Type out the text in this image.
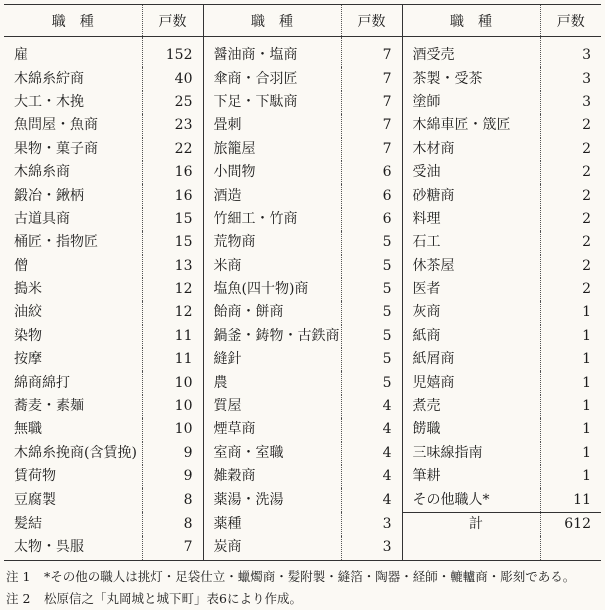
職　種	戸数	職　種	戸数	職　種	戸数
雇	152	醤油商・塩商	7	酒受売	3
木綿糸紵商	40	傘商・合羽匠	7	茶製・受茶	3
大工・木挽	25	下足・下駄商	7	塗師	3
魚問屋・魚商	23	畳刺	7	木綿車匠・筬匠	2
果物・菓子商	22	旅籠屋	7	木材商	2
木綿糸商	16	小間物	6	受油	2
鍛冶・鍬柄	16	酒造	6	砂糖商	2
古道具商	15	竹細工・竹商	6	料理	2
桶匠・指物匠	15	荒物商	5	石工	2
僧	13	米商	5	休茶屋	2
搗米	12	塩魚(四十物)商	5	医者	2
油絞	12	飴商・餅商	5	灰商	1
染物	11	鍋釜・鋳物・古鉄商	5	紙商	1
按摩	11	縫針	5	紙屑商	1
綿商綿打	10	農	5	児嬉商	1
蕎麦・素麺	10	質屋	4	煮売	1
無職	10	煙草商	4	餝職	1
木綿糸挽商(含賃挽)	9	室商・室職	4	三味線指南	1
賃荷物	9	雑穀商	4	筆耕	1
豆腐製	8	薬湯・洗湯	4	その他職人*	11
髪結	8	薬種	3	計	612
太物・呉服	7	炭商	3		
注 1 *その他の職人は挑灯・足袋仕立・蠟燭商・髪附製・縫箔・陶器・経師・轆轤商・彫刻である。
注 2 松原信之「丸岡城と城下町」表6により作成。
